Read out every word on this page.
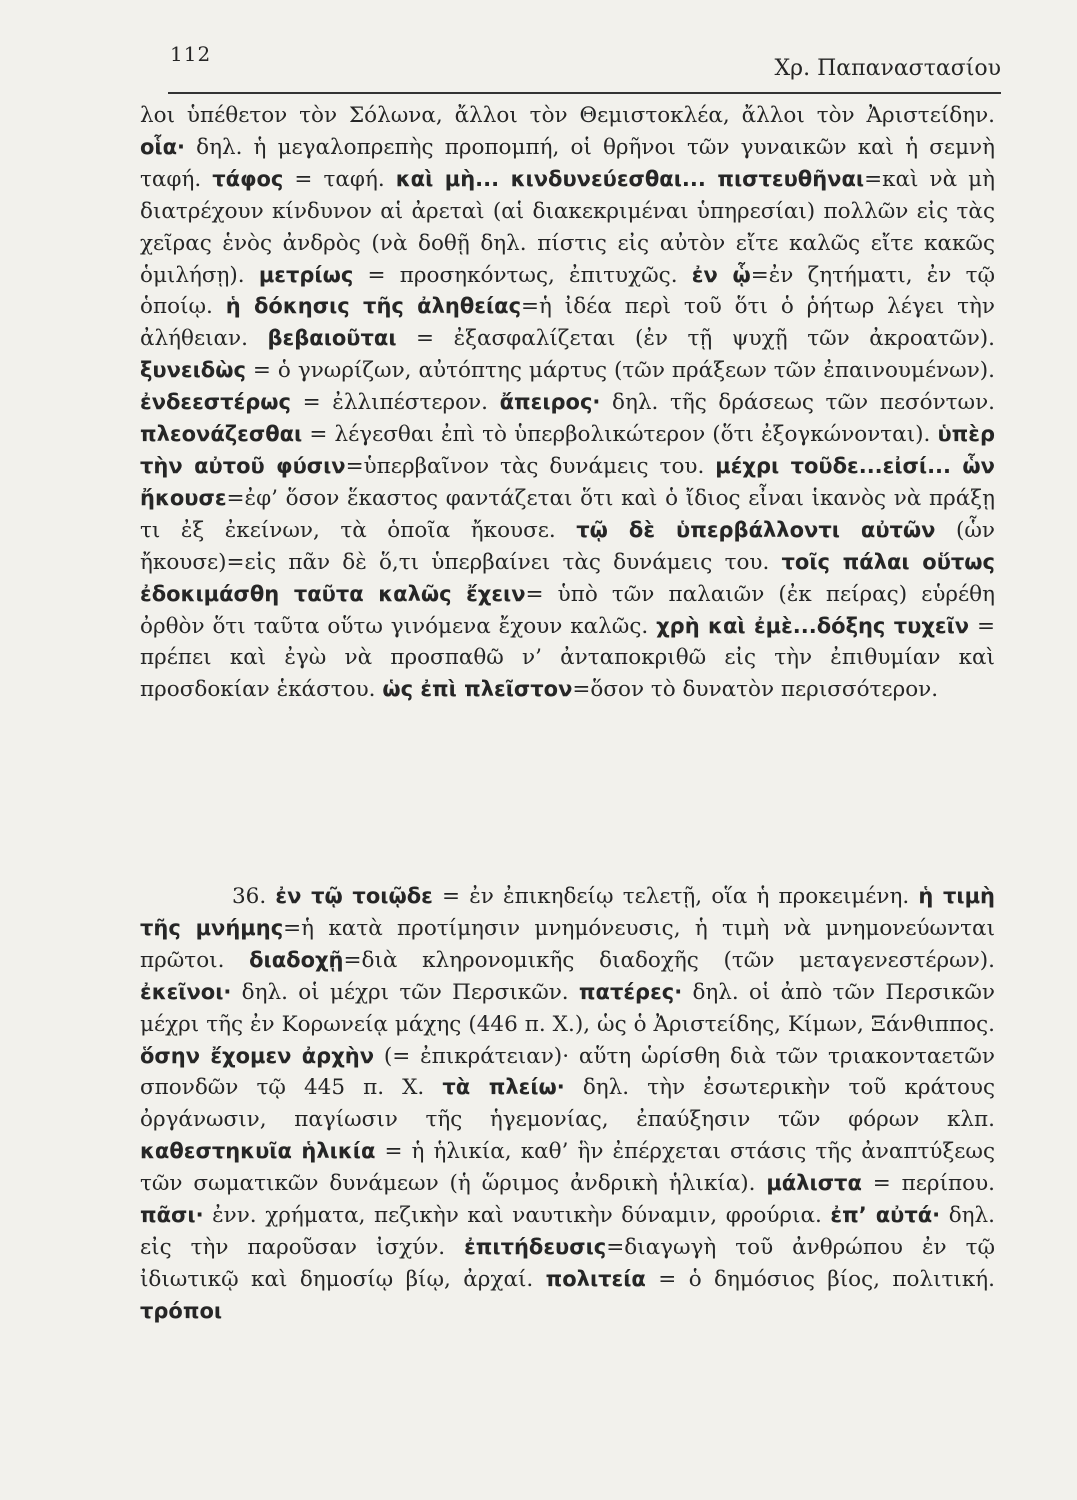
112
Χρ. Παπαναστασίου

λοι ὑπέθετον τὸν Σόλωνα, ἄλλοι τὸν Θεμιστοκλέα, ἄλλοι τὸν Ἀριστείδην. οἷα· δηλ. ἡ μεγαλοπρεπὴς προπομπή, οἱ θρῆνοι τῶν γυναικῶν καὶ ἡ σεμνὴ ταφή. τάφος = ταφή. καὶ μὴ... κινδυνεύεσθαι... πιστευθῆναι=καὶ νὰ μὴ διατρέχουν κίνδυνον αἱ ἀρεταὶ (αἱ διακεκριμέναι ὑπηρεσίαι) πολλῶν εἰς τὰς χεῖρας ἑνὸς ἀνδρὸς (νὰ δοθῇ δηλ. πίστις εἰς αὐτὸν εἴτε καλῶς εἴτε κακῶς ὁμιλήσῃ). μετρίως = προσηκόντως, ἐπιτυχῶς. ἐν ᾧ=ἐν ζητήματι, ἐν τῷ ὁποίῳ. ἡ δόκησις τῆς ἀληθείας=ἡ ἰδέα περὶ τοῦ ὅτι ὁ ῥήτωρ λέγει τὴν ἀλήθειαν. βεβαιοῦται = ἐξασφαλίζεται (ἐν τῇ ψυχῇ τῶν ἀκροατῶν). ξυνειδὼς = ὁ γνωρίζων, αὐτόπτης μάρτυς (τῶν πράξεων τῶν ἐπαινουμένων). ἐνδεεστέρως = ἐλλιπέστερον. ἄπειρος· δηλ. τῆς δράσεως τῶν πεσόντων. πλεονάζεσθαι = λέγεσθαι ἐπὶ τὸ ὑπερβολικώτερον (ὅτι ἐξογκώνονται). ὑπὲρ τὴν αὐτοῦ φύσιν=ὑπερβαῖνον τὰς δυνάμεις του. μέχρι τοῦδε...εἰσί... ὧν ἤκουσε=ἐφ’ ὅσον ἕκαστος φαντάζεται ὅτι καὶ ὁ ἴδιος εἶναι ἱκανὸς νὰ πράξῃ τι ἐξ ἐκείνων, τὰ ὁποῖα ἤκουσε. τῷ δὲ ὑπερβάλλοντι αὐτῶν (ὧν ἤκουσε)=εἰς πᾶν δὲ ὅ,τι ὑπερβαίνει τὰς δυνάμεις του. τοῖς πάλαι οὕτως ἐδοκιμάσθη ταῦτα καλῶς ἔχειν= ὑπὸ τῶν παλαιῶν (ἐκ πείρας) εὑρέθη ὀρθὸν ὅτι ταῦτα οὕτω γινόμενα ἔχουν καλῶς. χρὴ καὶ ἐμὲ...δόξης τυχεῖν = πρέπει καὶ ἐγὼ νὰ προσπαθῶ ν’ ἀνταποκριθῶ εἰς τὴν ἐπιθυμίαν καὶ προσδοκίαν ἑκάστου. ὡς ἐπὶ πλεῖστον=ὅσον τὸ δυνατὸν περισσότερον.

36. ἐν τῷ τοιῷδε = ἐν ἐπικηδείῳ τελετῇ, οἵα ἡ προκειμένη. ἡ τιμὴ τῆς μνήμης=ἡ κατὰ προτίμησιν μνημόνευσις, ἡ τιμὴ νὰ μνημονεύωνται πρῶτοι. διαδοχῇ=διὰ κληρονομικῆς διαδοχῆς (τῶν μεταγενεστέρων). ἐκεῖνοι· δηλ. οἱ μέχρι τῶν Περσικῶν. πατέρες· δηλ. οἱ ἀπὸ τῶν Περσικῶν μέχρι τῆς ἐν Κορωνείᾳ μάχης (446 π. Χ.), ὡς ὁ Ἀριστείδης, Κίμων, Ξάνθιππος. ὅσην ἔχομεν ἀρχὴν (= ἐπικράτειαν)· αὕτη ὡρίσθη διὰ τῶν τριακονταετῶν σπονδῶν τῷ 445 π. Χ. τὰ πλείω· δηλ. τὴν ἐσωτερικὴν τοῦ κράτους ὀργάνωσιν, παγίωσιν τῆς ἡγεμονίας, ἐπαύξησιν τῶν φόρων κλπ. καθεστηκυῖα ἡλικία = ἡ ἡλικία, καθ’ ἣν ἐπέρχεται στάσις τῆς ἀναπτύξεως τῶν σωματικῶν δυνάμεων (ἡ ὥριμος ἀνδρικὴ ἡλικία). μάλιστα = περίπου. πᾶσι· ἐνν. χρήματα, πεζικὴν καὶ ναυτικὴν δύναμιν, φρούρια. ἐπ’ αὐτά· δηλ. εἰς τὴν παροῦσαν ἰσχύν. ἐπιτήδευσις=διαγωγὴ τοῦ ἀνθρώπου ἐν τῷ ἰδιωτικῷ καὶ δημοσίῳ βίῳ, ἀρχαί. πολιτεία = ὁ δημόσιος βίος, πολιτική. τρόποι
